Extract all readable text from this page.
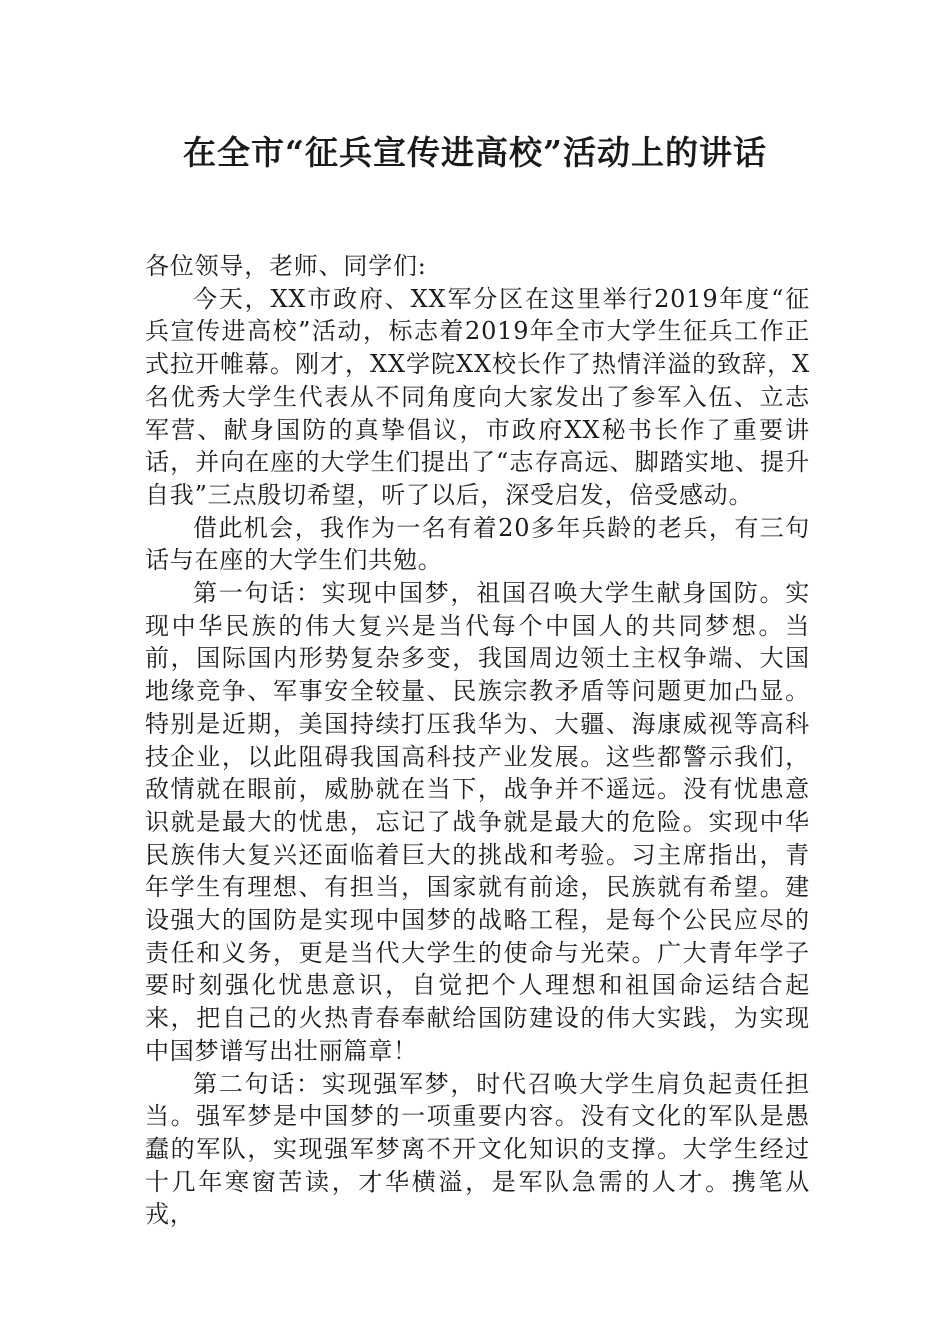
在全市“征兵宣传进高校”活动上的讲话

各位领导，老师、同学们:

今天，XX市政府、XX军分区在这里举行2019年度“征兵宣传进高校”活动，标志着2019年全市大学生征兵工作正式拉开帷幕。刚才，XX学院XX校长作了热情洋溢的致辞，X名优秀大学生代表从不同角度向大家发出了参军入伍、立志军营、献身国防的真挚倡议，市政府XX秘书长作了重要讲话，并向在座的大学生们提出了“志存高远、脚踏实地、提升自我”三点殷切希望，听了以后，深受启发，倍受感动。

借此机会，我作为一名有着20多年兵龄的老兵，有三句话与在座的大学生们共勉。

第一句话：实现中国梦，祖国召唤大学生献身国防。实现中华民族的伟大复兴是当代每个中国人的共同梦想。当前，国际国内形势复杂多变，我国周边领土主权争端、大国地缘竞争、军事安全较量、民族宗教矛盾等问题更加凸显。特别是近期，美国持续打压我华为、大疆、海康威视等高科技企业，以此阻碍我国高科技产业发展。这些都警示我们，敌情就在眼前，威胁就在当下，战争并不遥远。没有忧患意识就是最大的忧患，忘记了战争就是最大的危险。实现中华民族伟大复兴还面临着巨大的挑战和考验。习主席指出，青年学生有理想、有担当，国家就有前途，民族就有希望。建设强大的国防是实现中国梦的战略工程，是每个公民应尽的责任和义务，更是当代大学生的使命与光荣。广大青年学子要时刻强化忧患意识，自觉把个人理想和祖国命运结合起来，把自己的火热青春奉献给国防建设的伟大实践，为实现中国梦谱写出壮丽篇章！

第二句话：实现强军梦，时代召唤大学生肩负起责任担当。强军梦是中国梦的一项重要内容。没有文化的军队是愚蠢的军队，实现强军梦离不开文化知识的支撑。大学生经过十几年寒窗苦读，才华横溢，是军队急需的人才。携笔从戎，
